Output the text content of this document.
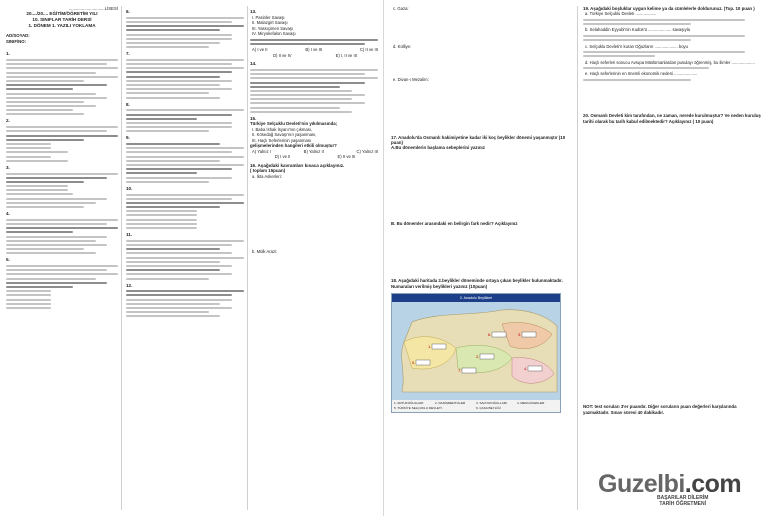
..............................LİSESİ

20..../20.... EĞİTİM/ÖĞRETİM YILI
10. SINIFLAR TARİH DERSİ
1. DÖNEM 1. YAZILI YOKLAMA

AD/SOYAD:

SINIF/NO:

1.
2.
3.
4.
5.
6.
7.
8.
9.
10.
11.
12.
13.
I. Pasinler Savaşı
II. Malazgirt Savaşı
III. Yassıçimen Savaşı
IV. Miryokefalon Savaşı
A) I ve II	B) I ve III	C) II ve III
D) II ve IV	E) I, II ve III
14.
15.
Türkiye Selçuklu Devleti'nin yıkılmasında;
I. Baba İshak İsyanı'nın çıkması,
II. Kösedağ Savaşı'nın yaşanması,
III. Haçlı Seferlerinin yaşanması
gelişmelerinden hangileri etkili olmuştur?
A) Yalnız I	B) Yalnız II	C) Yalnız III
D) I ve II	E) II ve III
16. Aşağıdaki kavramları kısaca açıklayınız.
( toplam 15puan)
a. İkta Askerleri:
b. Mülk Arazi:
c. Gaza:
d. Külliye:
e. Divan-ı Mezalim:
17. Anadolu'da Osmanlı hakimiyetine kadar iki koç beylikler dönemi yaşanmıştır (10 puan)
A.Bu dönemlerin başlama sebeplerini yazınız
B. Bu dönemler arasındaki en belirgin fark nedir? Açıklayınız
18. Aşağıdaki haritada 2.beylikler döneminde ortaya çıkan beylikler bulunmaktadır. Numaraları verilmiş beylikleri yazınız (10puan)
2. Anadolu Beylikleri
1.
2.
3.
4.
5.
6.
7.
1. ARTUKOĞULLARI	2. DANİŞMENTLİLER	3. SALTUKOĞULLARI	4. MENGÜCEKLER
5. TÜRKİYE SELÇUKLU DEVLETİ	6. ÇAKA BEYLİĞİ
19. Aşağıdaki boşluklar uygun kelime ya da cümlelerle doldurunuz. (Top. 10 puan )
a. Türkiye Selçuklu Devleti ..................
b. Selahaddin Eyyubi'nin Kudüs'ü .................... savaşıyla
c. Selçuklu Devleti'n kuran Oğuzların .................... boyu
d. Haçlı seferleri sonucu Avrupa Müslümanlardan pusulayı öğrenmiş, bu ilimler ....................
e. Haçlı seferlerinin en önemli ekonomik nedeni ....................
20. Osmanlı Devleti kim tarafından, ne zaman, nerede kurulmuştur? Ve neden kuruluş tarihi olarak bu tarih kabul edilmektedir? Açıklayınız ( 10 puan)
NOT: test soruları 3'er puandır. Diğer soruların puan değerleri karşılarında yazmaktadır. Sınav süresi 40 dakikadır.
Guzelbi.com
BAŞARILAR DİLERİM
TARİH ÖĞRETMENİ
